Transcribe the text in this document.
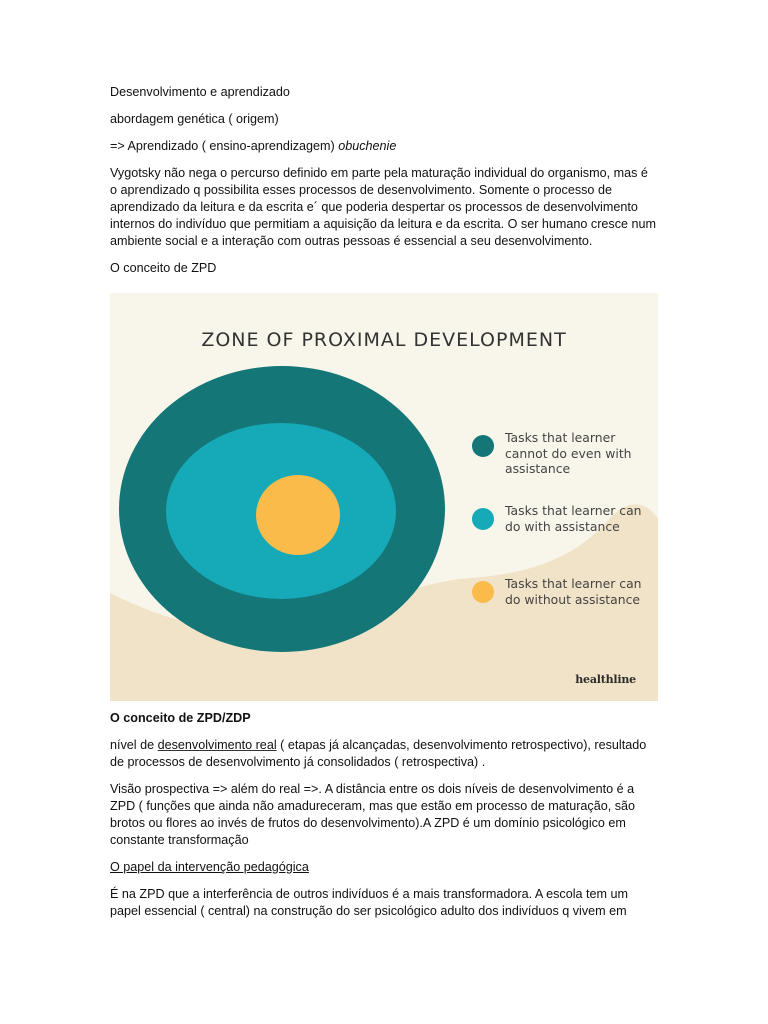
Desenvolvimento e aprendizado

abordagem genética ( origem)

=> Aprendizado ( ensino-aprendizagem) obuchenie

Vygotsky não nega o percurso definido em parte pela maturação individual do organismo, mas é o aprendizado q possibilita esses processos de desenvolvimento. Somente o processo de aprendizado da leitura e da escrita e´ que poderia despertar os processos de desenvolvimento internos do indivíduo que permitiam a aquisição da leitura e da escrita. O ser humano cresce num ambiente social e a interação com outras pessoas é essencial a seu desenvolvimento.

O conceito de ZPD

ZONE OF PROXIMAL DEVELOPMENT
Tasks that learner cannot do even with assistance
Tasks that learner can do with assistance
Tasks that learner can do without assistance
healthline

O conceito de ZPD/ZDP

nível de desenvolvimento real ( etapas já alcançadas, desenvolvimento retrospectivo), resultado de processos de desenvolvimento já consolidados ( retrospectiva) .

Visão prospectiva => além do real =>. A distância entre os dois níveis de desenvolvimento é a ZPD ( funções que ainda não amadureceram, mas que estão em processo de maturação, são brotos ou flores ao invés de frutos do desenvolvimento).A ZPD é um domínio psicológico em constante transformação

O papel da intervenção pedagógica

É na ZPD que a interferência de outros indivíduos é a mais transformadora. A escola tem um papel essencial ( central) na construção do ser psicológico adulto dos indivíduos q vivem em
